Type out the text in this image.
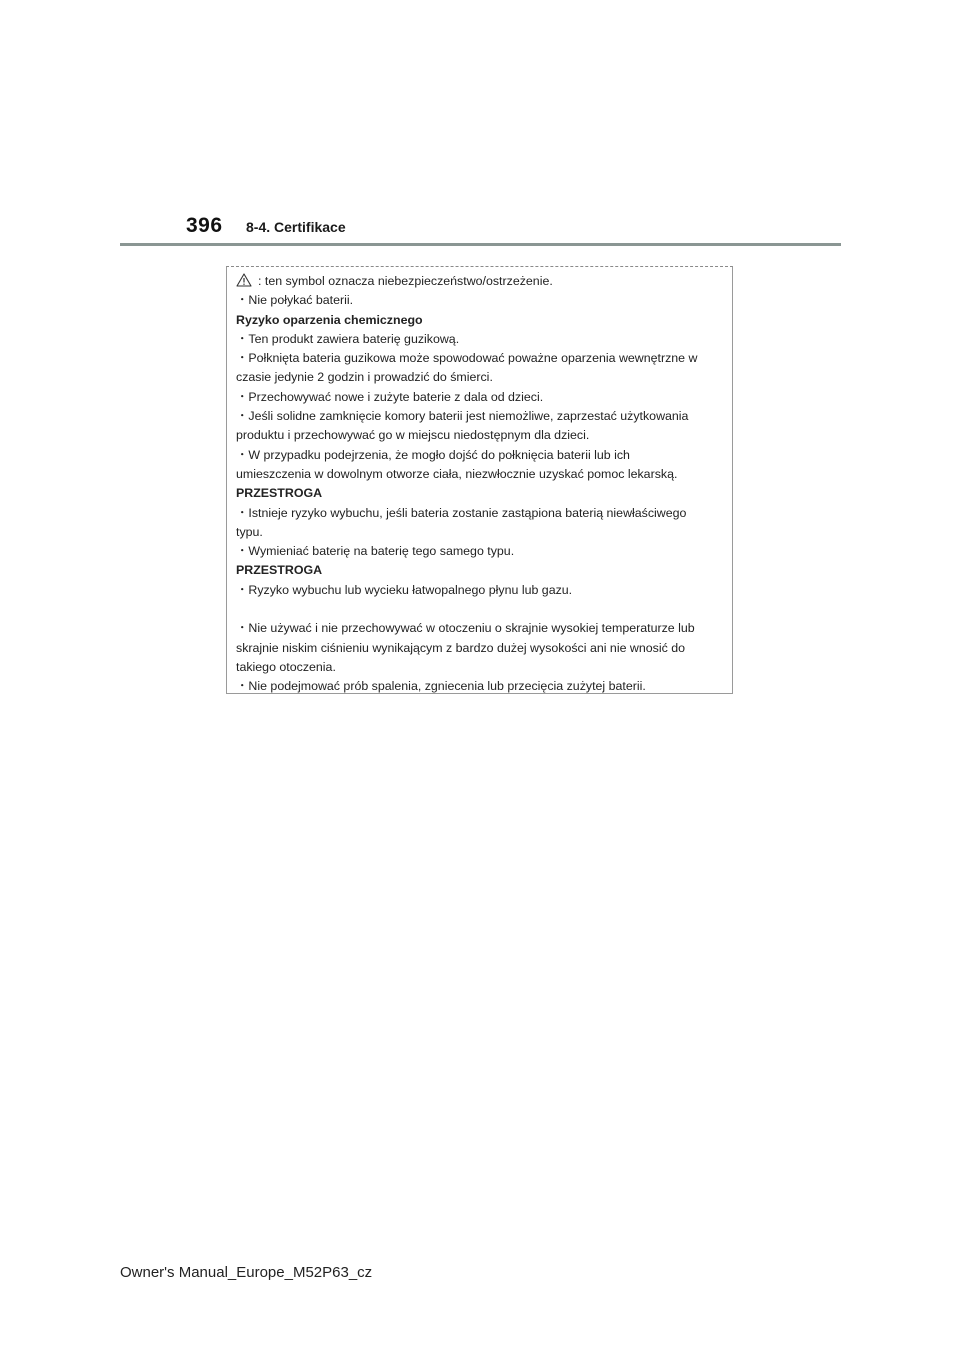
396 8-4. Certifikace
: ten symbol oznacza niebezpieczeństwo/ostrzeżenie.
・Nie połykać baterii.
Ryzyko oparzenia chemicznego
・Ten produkt zawiera baterię guzikową.
・Połknięta bateria guzikowa może spowodować poważne oparzenia wewnętrzne w
czasie jedynie 2 godzin i prowadzić do śmierci.
・Przechowywać nowe i zużyte baterie z dala od dzieci.
・Jeśli solidne zamknięcie komory baterii jest niemożliwe, zaprzestać użytkowania
produktu i przechowywać go w miejscu niedostępnym dla dzieci.
・W przypadku podejrzenia, że mogło dojść do połknięcia baterii lub ich
umieszczenia w dowolnym otworze ciała, niezwłocznie uzyskać pomoc lekarską.
PRZESTROGA
・Istnieje ryzyko wybuchu, jeśli bateria zostanie zastąpiona baterią niewłaściwego
typu.
・Wymieniać baterię na baterię tego samego typu.
PRZESTROGA
・Ryzyko wybuchu lub wycieku łatwopalnego płynu lub gazu.
・Nie używać i nie przechowywać w otoczeniu o skrajnie wysokiej temperaturze lub
skrajnie niskim ciśnieniu wynikającym z bardzo dużej wysokości ani nie wnosić do
takiego otoczenia.
・Nie podejmować prób spalenia, zgniecenia lub przecięcia zużytej baterii.
Owner's Manual_Europe_M52P63_cz
